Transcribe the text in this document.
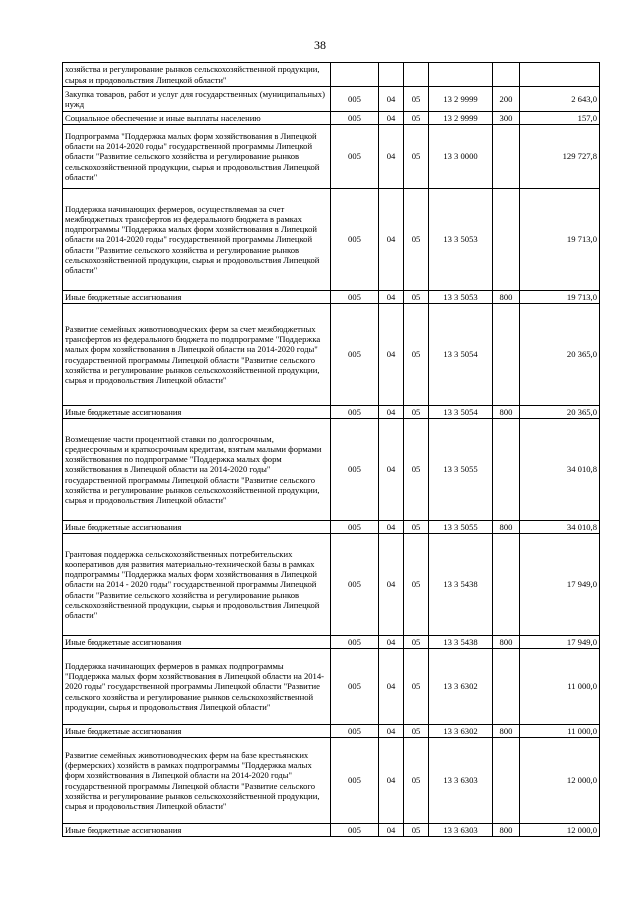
38
хозяйства и регулирование рынков сельскохозяйственной продукции, сырья и продовольствия Липецкой области"						
Закупка товаров, работ и услуг для государственных (муниципальных) нужд	005	04	05	13 2 9999	200	2 643,0
Социальное обеспечение и иные выплаты населению	005	04	05	13 2 9999	300	157,0
Подпрограмма "Поддержка малых форм хозяйствования в Липецкой области на 2014-2020 годы" государственной программы Липецкой области "Развитие сельского хозяйства и регулирование рынков сельскохозяйственной продукции, сырья и продовольствия Липецкой области"	005	04	05	13 3 0000		129 727,8
Поддержка начинающих фермеров, осуществляемая за счет межбюджетных трансфертов из федерального бюджета в рамках подпрограммы "Поддержка малых форм хозяйствования в Липецкой области на 2014-2020 годы" государственной программы Липецкой области "Развитие сельского хозяйства и регулирование рынков сельскохозяйственной продукции, сырья и продовольствия Липецкой области"	005	04	05	13 3 5053		19 713,0
Иные бюджетные ассигнования	005	04	05	13 3 5053	800	19 713,0
Развитие семейных животноводческих ферм за счет межбюджетных трансфертов из федерального бюджета по подпрограмме "Поддержка малых форм хозяйствования в Липецкой области на 2014-2020 годы" государственной программы Липецкой области "Развитие сельского хозяйства и регулирование рынков сельскохозяйственной продукции, сырья и продовольствия Липецкой области"	005	04	05	13 3 5054		20 365,0
Иные бюджетные ассигнования	005	04	05	13 3 5054	800	20 365,0
Возмещение части процентной ставки по долгосрочным, среднесрочным и краткосрочным кредитам, взятым малыми формами хозяйствования по подпрограмме "Поддержка малых форм хозяйствования в Липецкой области на 2014-2020 годы" государственной программы Липецкой области "Развитие сельского хозяйства и регулирование рынков сельскохозяйственной продукции, сырья и продовольствия Липецкой области"	005	04	05	13 3 5055		34 010,8
Иные бюджетные ассигнования	005	04	05	13 3 5055	800	34 010,8
Грантовая поддержка сельскохозяйственных потребительских кооперативов для развития материально-технической базы в рамках подпрограммы "Поддержка малых форм хозяйствования в Липецкой области на 2014 - 2020 годы" государственной программы Липецкой области "Развитие сельского хозяйства и регулирование рынков сельскохозяйственной продукции, сырья и продовольствия Липецкой области"	005	04	05	13 3 5438		17 949,0
Иные бюджетные ассигнования	005	04	05	13 3 5438	800	17 949,0
Поддержка начинающих фермеров в рамках подпрограммы "Поддержка малых форм хозяйствования в Липецкой области на 2014-2020 годы" государственной программы Липецкой области "Развитие сельского хозяйства и регулирование рынков сельскохозяйственной продукции, сырья и продовольствия Липецкой области"	005	04	05	13 3 6302		11 000,0
Иные бюджетные ассигнования	005	04	05	13 3 6302	800	11 000,0
Развитие семейных животноводческих ферм на базе крестьянских (фермерских) хозяйств в рамках подпрограммы "Поддержка малых форм хозяйствования в Липецкой области на 2014-2020 годы" государственной программы Липецкой области "Развитие сельского хозяйства и регулирование рынков сельскохозяйственной продукции, сырья и продовольствия Липецкой области"	005	04	05	13 3 6303		12 000,0
Иные бюджетные ассигнования	005	04	05	13 3 6303	800	12 000,0
